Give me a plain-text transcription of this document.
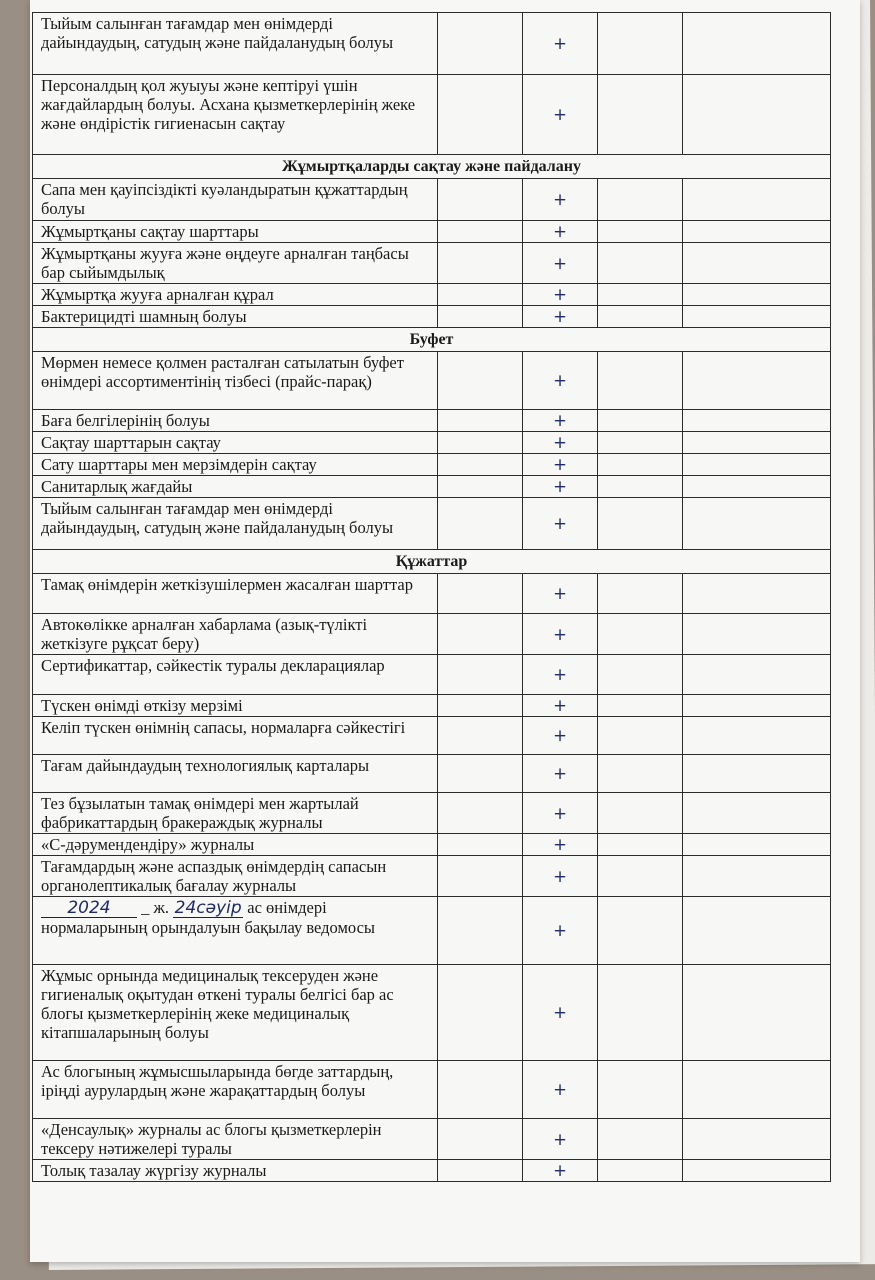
Тыйым салынған тағамдар мен өнімдерді дайындаудың, сатудың және пайдаланудың болуы		+		
Персоналдың қол жуыуы және кептіруі үшін жағдайлардың болуы. Асхана қызметкерлерінің жеке және өндірістік гигиенасын сақтау		+		
Жұмыртқаларды сақтау және пайдалану				
Сапа мен қауіпсіздікті куәландыратын құжаттардың болуы		+		
Жұмыртқаны сақтау шарттары		+		
Жұмыртқаны жууға және өңдеуге арналған таңбасы бар сыйымдылық		+		
Жұмыртқа жууға арналған құрал		+		
Бактерицидті шамның болуы		+		
Буфет				
Мөрмен немесе қолмен расталған сатылатын буфет өнімдері ассортиментінің тізбесі (прайс-парақ)		+		
Баға белгілерінің болуы		+		
Сақтау шарттарын сақтау		+		
Сату шарттары мен мерзімдерін сақтау		+		
Санитарлық жағдайы		+		
Тыйым салынған тағамдар мен өнімдерді дайындаудың, сатудың және пайдаланудың болуы		+		
Құжаттар				
Тамақ өнімдерін жеткізушілермен жасалған шарттар		+		
Автокөлікке арналған хабарлама (азық-түлікті жеткізуге рұқсат беру)		+		
Сертификаттар, сәйкестік туралы декларациялар		+		
Түскен өнімді өткізу мерзімі		+		
Келіп түскен өнімнің сапасы, нормаларға сәйкестігі		+		
Тағам дайындаудың технологиялық карталары		+		
Тез бұзылатын тамақ өнімдері мен жартылай фабрикаттардың бракераждық журналы		+		
«С-дәрумендендіру» журналы		+		
Тағамдардың және аспаздық өнімдердің сапасын органолептикалық бағалау журналы		+		
2024 _ ж. 24сәуір ас өнімдері нормаларының орындалуын бақылау ведомосы		+		
Жұмыс орнында медициналық тексеруден және гигиеналық оқытудан өткені туралы белгісі бар ас блогы қызметкерлерінің жеке медициналық кітапшаларының болуы		+		
Ас блогының жұмысшыларында бөгде заттардың, іріңді аурулардың және жарақаттардың болуы		+		
«Денсаулық» журналы ас блогы қызметкерлерін тексеру нәтижелері туралы		+		
Толық тазалау жүргізу журналы		+		
